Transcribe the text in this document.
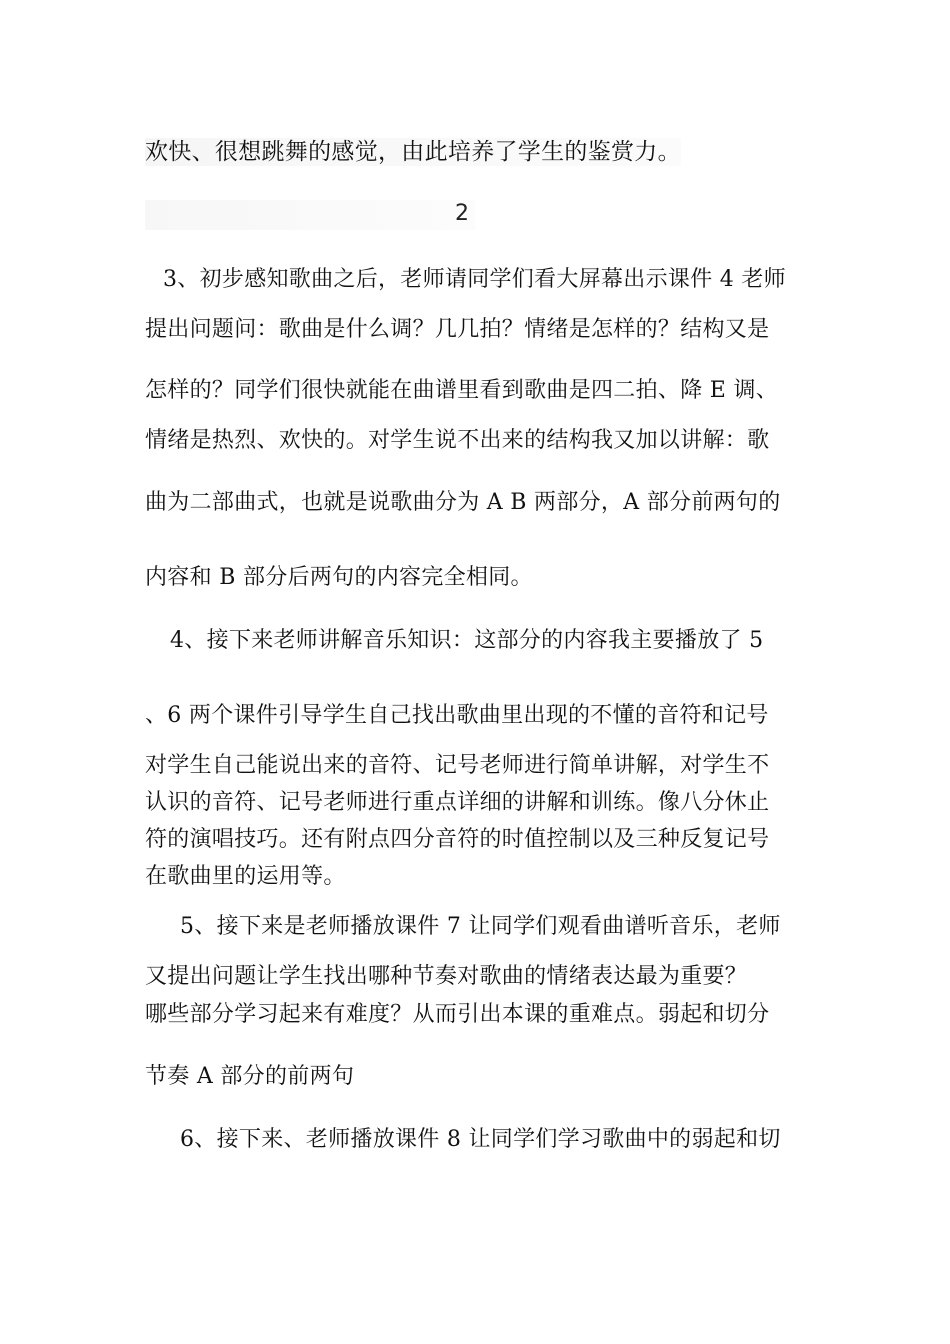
欢快、很想跳舞的感觉，由此培养了学生的鉴赏力。
2
3、初步感知歌曲之后，老师请同学们看大屏幕出示课件 4 老师
提出问题问：歌曲是什么调？几几拍？情绪是怎样的？结构又是
怎样的？同学们很快就能在曲谱里看到歌曲是四二拍、降 E 调、
情绪是热烈、欢快的。对学生说不出来的结构我又加以讲解：歌
曲为二部曲式，也就是说歌曲分为 A B 两部分，A 部分前两句的
内容和 B 部分后两句的内容完全相同。
4、接下来老师讲解音乐知识：这部分的内容我主要播放了 5
、6 两个课件引导学生自己找出歌曲里出现的不懂的音符和记号
对学生自己能说出来的音符、记号老师进行简单讲解，对学生不
认识的音符、记号老师进行重点详细的讲解和训练。像八分休止
符的演唱技巧。还有附点四分音符的时值控制以及三种反复记号
在歌曲里的运用等。
5、接下来是老师播放课件 7 让同学们观看曲谱听音乐，老师
又提出问题让学生找出哪种节奏对歌曲的情绪表达最为重要？
哪些部分学习起来有难度？从而引出本课的重难点。弱起和切分
节奏 A 部分的前两句
6、接下来、老师播放课件 8 让同学们学习歌曲中的弱起和切
